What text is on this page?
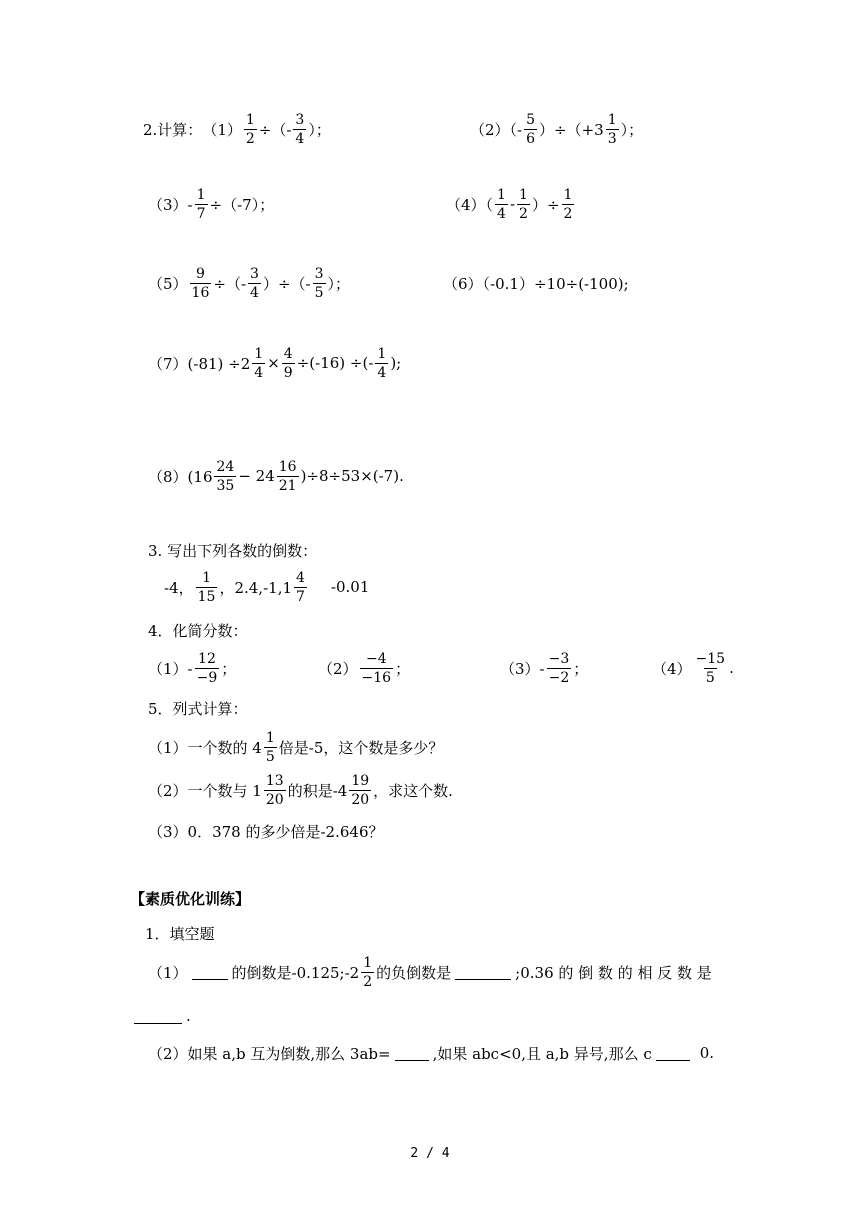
2.计算： $(1) \frac{1}{2}$ ÷（- $\frac{3}{4}$ ）；	$(2)(- \frac{5}{6} )\div(+3 \frac{1}{3}$ ）；
$(3)- \frac{1}{7} \div(-7)$；	$(4)( \frac{1}{4} - \frac{1}{2}$ ）÷ $\frac{1}{2}$
$(5) \frac{9}{16}$ ÷（- $\frac{3}{4}$ ）÷（- $\frac{3}{5}$ ）；	（6）（-0.1）÷10÷(-100);
$(7)(-81) \div 2 \frac{1}{4} \times \frac{4}{9} \div(-16)$ ÷(- $\frac{1}{4}$ );
$(8)(16 \frac{24}{35} - 24 \frac{16}{21} )\div 8\div 53\times(-7)$.
3. 写出下列各数的倒数：
-4， $\frac{1}{15}$ ，$2.4,-1,1 \frac{4}{7} -0.01$
4．化简分数：
$(1)- \frac{12}{-9}$ ；	$(2) \frac{-4}{-16}$ ；	$(3)- \frac{-3}{-2}$ ；	$(4) \frac{-15}{5}$ .
5．列式计算：
（1）一个数的 $4 \frac{1}{5}$ 倍是-5，这个数是多少？
（2）一个数与 $1 \frac{13}{20}$ 的积是$-4 \frac{19}{20}$ ，求这个数.
（3）0．378 的多少倍是-2.646？
【素质优化训练】
1．填空题
（1）	的倒数是-0.125;-2 $\frac{1}{2}$ 的负倒数是	;0.36 的 倒 数 的 相 反 数 是
.
（2）如果 a,b 互为倒数,那么 3ab=	,如果 abc<0,且 a,b 异号,那么 c	0.
2 / 4
